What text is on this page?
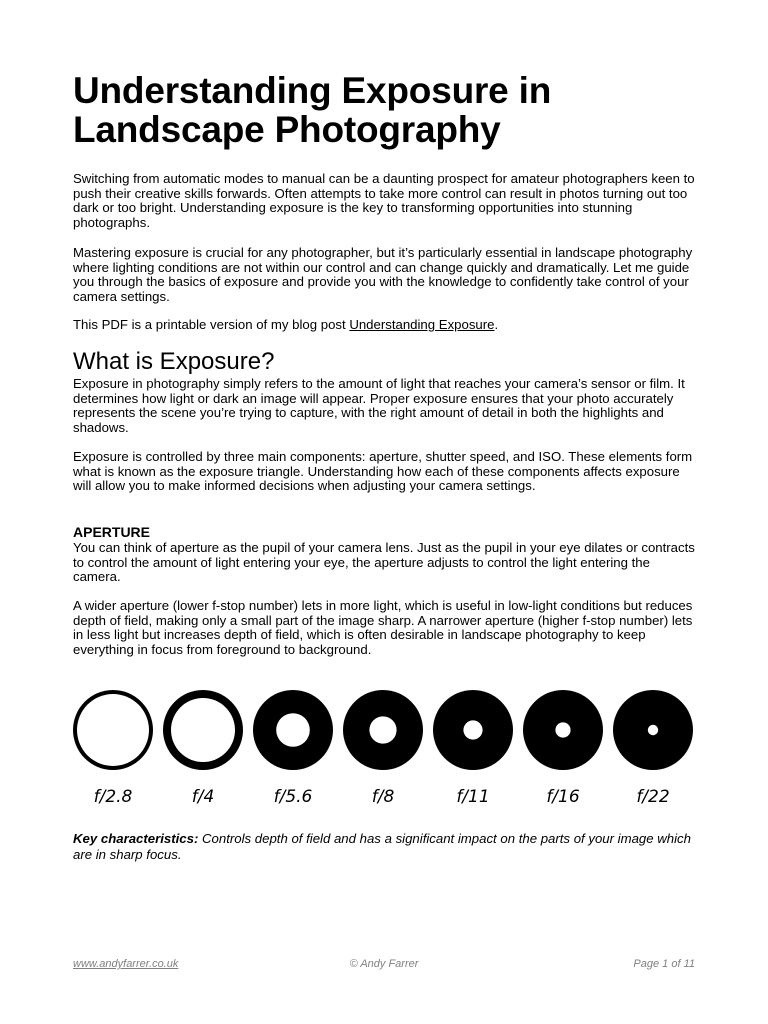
Understanding Exposure in Landscape Photography

Switching from automatic modes to manual can be a daunting prospect for amateur photographers keen to push their creative skills forwards. Often attempts to take more control can result in photos turning out too dark or too bright. Understanding exposure is the key to transforming opportunities into stunning photographs.

Mastering exposure is crucial for any photographer, but it’s particularly essential in landscape photography where lighting conditions are not within our control and can change quickly and dramatically. Let me guide you through the basics of exposure and provide you with the knowledge to confidently take control of your camera settings.

This PDF is a printable version of my blog post Understanding Exposure.

What is Exposure?

Exposure in photography simply refers to the amount of light that reaches your camera’s sensor or film. It determines how light or dark an image will appear. Proper exposure ensures that your photo accurately represents the scene you’re trying to capture, with the right amount of detail in both the highlights and shadows.

Exposure is controlled by three main components: aperture, shutter speed, and ISO. These elements form what is known as the exposure triangle. Understanding how each of these components affects exposure will allow you to make informed decisions when adjusting your camera settings.

APERTURE

You can think of aperture as the pupil of your camera lens. Just as the pupil in your eye dilates or contracts to control the amount of light entering your eye, the aperture adjusts to control the light entering the camera.

A wider aperture (lower f-stop number) lets in more light, which is useful in low-light conditions but reduces depth of field, making only a small part of the image sharp. A narrower aperture (higher f-stop number) lets in less light but increases depth of field, which is often desirable in landscape photography to keep everything in focus from foreground to background.

f/2.8	f/4	f/5.6	f/8	f/11	f/16	f/22
Key characteristics: Controls depth of field and has a significant impact on the parts of your image which are in sharp focus.
www.andyfarrer.co.uk	© Andy Farrer	Page 1 of 11
